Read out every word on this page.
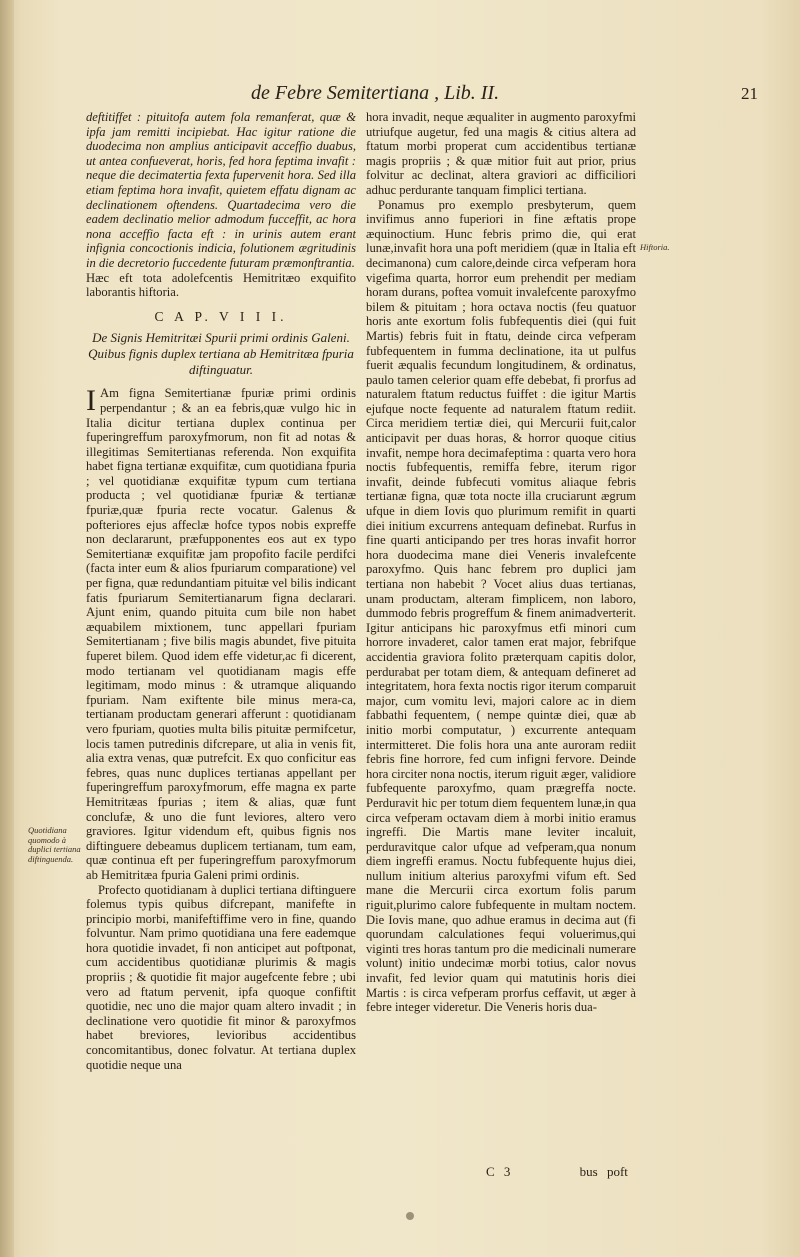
de Febre Semitertiana , Lib. II.	21

deftitiffet : pituitofa autem fola remanferat, quæ & ipfa jam remitti incipiebat. Hac igitur ratione die duodecima non amplius anticipavit acceffio duabus, ut antea confueverat, horis, fed hora feptima invafit : neque die decimatertia fexta fupervenit hora. Sed illa etiam feptima hora invafit, quietem effatu dignam ac declinationem oftendens. Quartadecima vero die eadem declinatio melior admodum fucceffit, ac hora nona acceffio facta eft : in urinis autem erant infignia concoctionis indicia, folutionem ægritudinis in die decretorio fuccedente futuram præmonftrantia.

Hæc eft tota adolefcentis Hemitritæo exquifito laborantis hiftoria.

C A P. V I I I.

De Signis Hemitritæi Spurii primi ordinis Galeni. Quibus fignis duplex tertiana ab Hemitritæa fpuria diftinguatur.

I Am figna Semitertianæ fpuriæ primi ordinis perpendantur ; & an ea febris,quæ vulgo hic in Italia dicitur tertiana duplex continua per fuperingreffum paroxyfmorum, non fit ad notas & illegitimas Semitertianas referenda. Non exquifita habet figna tertianæ exquifitæ, cum quotidiana fpuria ; vel quotidianæ exquifitæ typum cum tertiana producta ; vel quotidianæ fpuriæ & tertianæ fpuriæ,quæ fpuria recte vocatur. Galenus & pofteriores ejus affeclæ hofce typos nobis expreffe non declararunt, præfupponentes eos aut ex typo Semitertianæ exquifitæ jam propofito facile perdifci (facta inter eum & alios fpuriarum comparatione) vel per figna, quæ redundantiam pituitæ vel bilis indicant fatis fpuriarum Semitertianarum figna declarari. Ajunt enim, quando pituita cum bile non habet æquabilem mixtionem, tunc appellari fpuriam Semitertianam ; five bilis magis abundet, five pituita fuperet bilem. Quod idem effe videtur,ac fi dicerent, modo tertianam vel quotidianam magis effe legitimam, modo minus : & utramque aliquando fpuriam. Nam exiftente bile minus mera-ca, tertianam productam generari afferunt : quotidianam vero fpuriam, quoties multa bilis pituitæ permifcetur, locis tamen putredinis difcrepare, ut alia in venis fit, alia extra venas, quæ putrefcit. Ex quo conficitur eas febres, quas nunc duplices tertianas appellant per fuperingreffum paroxyfmorum, effe magna ex parte Hemitritæas fpurias ; item & alias, quæ funt conclufæ, & uno die funt leviores, altero vero graviores. Igitur videndum eft, quibus fignis nos diftinguere debeamus duplicem tertianam, tum eam, quæ continua eft per fuperingreffum paroxyfmorum ab Hemitritæa fpuria Galeni primi ordinis.

Profecto quotidianam à duplici tertiana diftinguere folemus typis quibus difcrepant, manifefte in principio morbi, manifeftiffime vero in fine, quando folvuntur. Nam primo quotidiana una fere eademque hora quotidie invadet, fi non anticipet aut poftponat, cum accidentibus quotidianæ plurimis & magis propriis ; & quotidie fit major augefcente febre ; ubi vero ad ftatum pervenit, ipfa quoque confiftit quotidie, nec uno die major quam altero invadit ; in declinatione vero quotidie fit minor & paroxyfmos habet breviores, levioribus accidentibus concomitantibus, donec folvatur. At tertiana duplex quotidie neque una

hora invadit, neque æqualiter in augmento paroxyfmi utriufque augetur, fed una magis & citius altera ad ftatum morbi properat cum accidentibus tertianæ magis propriis ; & quæ mitior fuit aut prior, prius folvitur ac declinat, altera graviori ac difficiliori adhuc perdurante tanquam fimplici tertiana.

Ponamus pro exemplo presbyterum, quem invifimus anno fuperiori in fine æftatis prope æquinoctium. Hunc febris primo die, qui erat lunæ,invafit hora una poft meridiem (quæ in Italia eft decimanona) cum calore,deinde circa vefperam hora vigefima quarta, horror eum prehendit per mediam horam durans, poftea vomuit invalefcente paroxyfmo bilem & pituitam ; hora octava noctis (feu quatuor horis ante exortum folis fubfequentis diei (qui fuit Martis) febris fuit in ftatu, deinde circa vefperam fubfequentem in fumma declinatione, ita ut pulfus fuerit æqualis fecundum longitudinem, & ordinatus, paulo tamen celerior quam effe debebat, fi prorfus ad naturalem ftatum reductus fuiffet : die igitur Martis ejufque nocte fequente ad naturalem ftatum rediit. Circa meridiem tertiæ diei, qui Mercurii fuit,calor anticipavit per duas horas, & horror quoque citius invafit, nempe hora decimafeptima : quarta vero hora noctis fubfequentis, remiffa febre, iterum rigor invafit, deinde fubfecuti vomitus aliaque febris tertianæ figna, quæ tota nocte illa cruciarunt ægrum ufque in diem Iovis quo plurimum remifit in quarti diei initium excurrens antequam definebat. Rurfus in fine quarti anticipando per tres horas invafit horror hora duodecima mane diei Veneris invalefcente paroxyfmo. Quis hanc febrem pro duplici jam tertiana non habebit ? Vocet alius duas tertianas, unam productam, alteram fimplicem, non laboro, dummodo febris progreffum & finem animadverterit. Igitur anticipans hic paroxyfmus etfi minori cum horrore invaderet, calor tamen erat major, febrifque accidentia graviora folito præterquam capitis dolor, perdurabat per totam diem, & antequam defineret ad integritatem, hora fexta noctis rigor iterum comparuit major, cum vomitu levi, majori calore ac in diem fabbathi fequentem, ( nempe quintæ diei, quæ ab initio morbi computatur, ) excurrente antequam intermitteret. Die folis hora una ante auroram rediit febris fine horrore, fed cum infigni fervore. Deinde hora circiter nona noctis, iterum riguit æger, validiore fubfequente paroxyfmo, quam prægreffa nocte. Perduravit hic per totum diem fequentem lunæ,in qua circa vefperam octavam diem à morbi initio eramus ingreffi. Die Martis mane leviter incaluit, perduravitque calor ufque ad vefperam,qua nonum diem ingreffi eramus. Noctu fubfequente hujus diei, nullum initium alterius paroxyfmi vifum eft. Sed mane die Mercurii circa exortum folis parum riguit,plurimo calore fubfequente in multam noctem. Die Iovis mane, quo adhue eramus in decima aut (fi quorundam calculationes fequi voluerimus,qui viginti tres horas tantum pro die medicinali numerare volunt) initio undecimæ morbi totius, calor novus invafit, fed levior quam qui matutinis horis diei Martis : is circa vefperam prorfus ceffavit, ut æger à febre integer videretur. Die Veneris horis dua-

Quotidiana quomodo à duplici tertiana diftinguenda.
Hiftoria.
C 3	bus poft
